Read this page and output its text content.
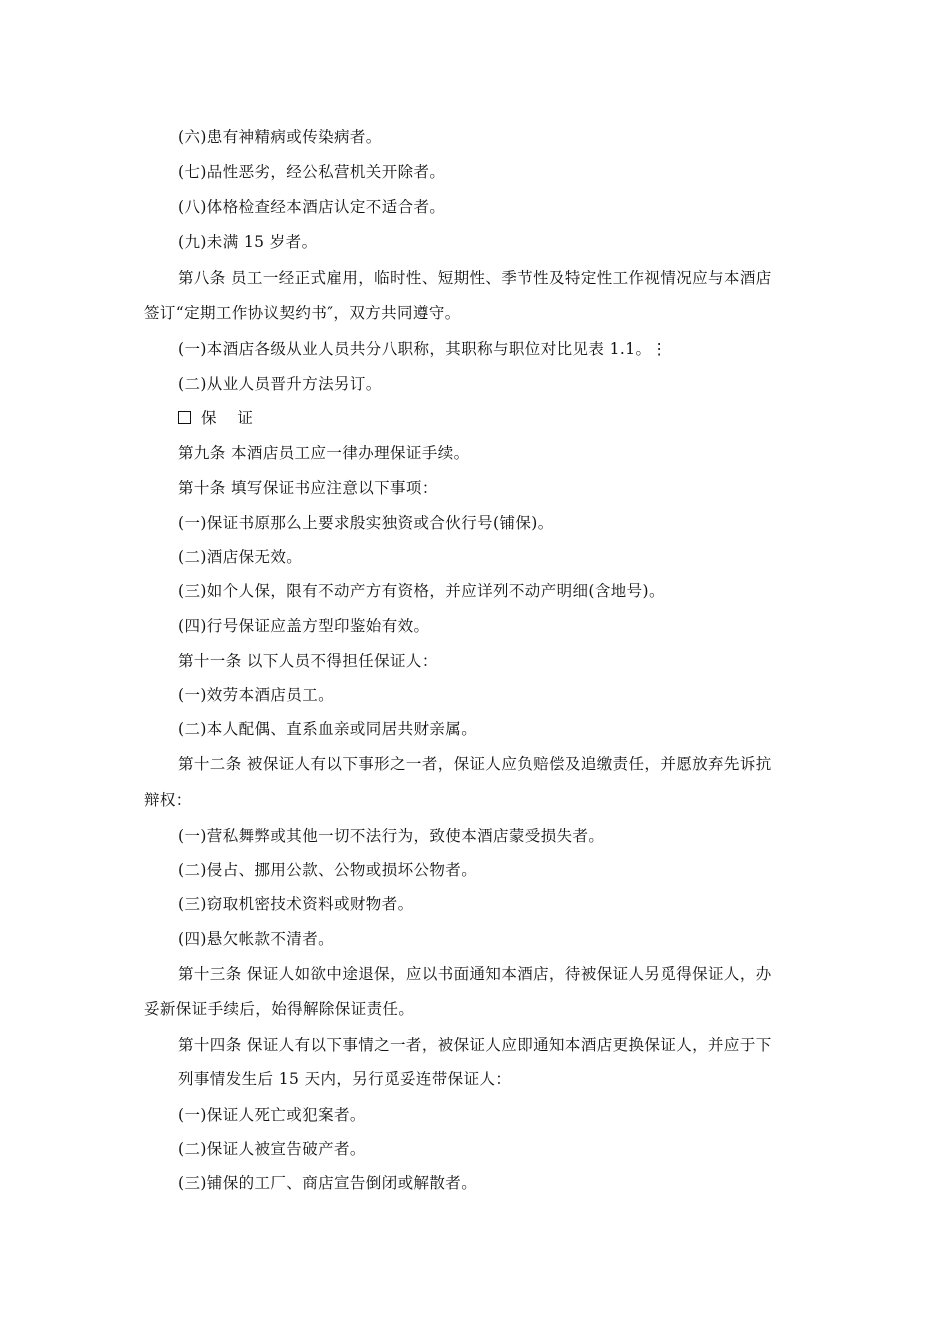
(六)患有神精病或传染病者。
(七)品性恶劣，经公私营机关开除者。
(八)体格检查经本酒店认定不适合者。
(九)未满 15 岁者。
第八条 员工一经正式雇用，临时性、短期性、季节性及特定性工作视情况应与本酒店
签订“定期工作协议契约书″，双方共同遵守。
(一)本酒店各级从业人员共分八职称，其职称与职位对比见表 1.1。⋮
(二)从业人员晋升方法另订。
保 证
第九条 本酒店员工应一律办理保证手续。
第十条 填写保证书应注意以下事项：
(一)保证书原那么上要求殷实独资或合伙行号(铺保)。
(二)酒店保无效。
(三)如个人保，限有不动产方有资格，并应详列不动产明细(含地号)。
(四)行号保证应盖方型印鉴始有效。
第十一条 以下人员不得担任保证人：
(一)效劳本酒店员工。
(二)本人配偶、直系血亲或同居共财亲属。
第十二条 被保证人有以下事形之一者，保证人应负赔偿及追缴责任，并愿放弃先诉抗
辩权：
(一)营私舞弊或其他一切不法行为，致使本酒店蒙受损失者。
(二)侵占、挪用公款、公物或损坏公物者。
(三)窃取机密技术资料或财物者。
(四)悬欠帐款不清者。
第十三条 保证人如欲中途退保，应以书面通知本酒店，待被保证人另觅得保证人，办
妥新保证手续后，始得解除保证责任。
第十四条 保证人有以下事情之一者，被保证人应即通知本酒店更换保证人，并应于下
列事情发生后 15 天内，另行觅妥连带保证人：
(一)保证人死亡或犯案者。
(二)保证人被宣告破产者。
(三)铺保的工厂、商店宣告倒闭或解散者。
